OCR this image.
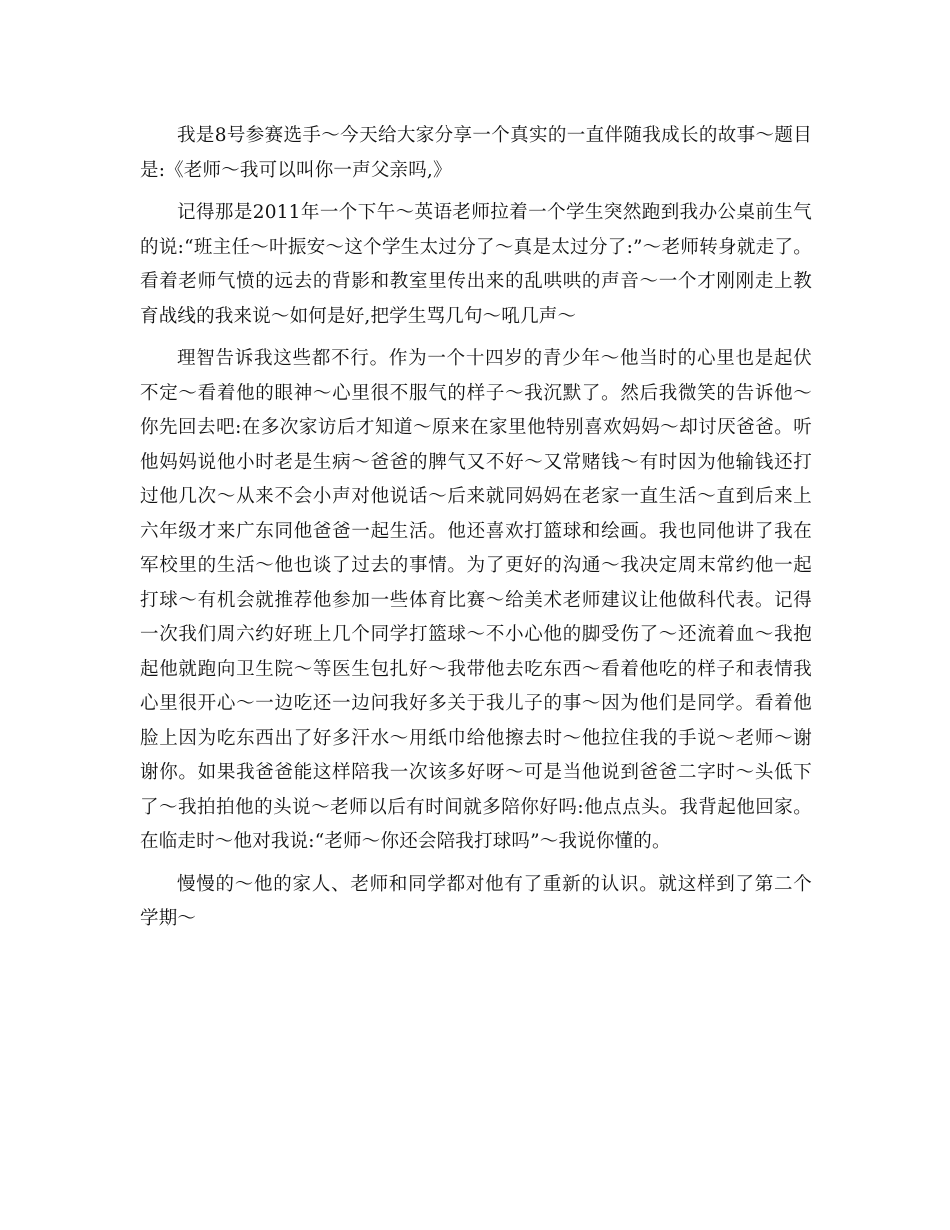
我是8号参赛选手～今天给大家分享一个真实的一直伴随我成长的故事～题目是:《老师～我可以叫你一声父亲吗,》

记得那是2011年一个下午～英语老师拉着一个学生突然跑到我办公桌前生气的说:“班主任～叶振安～这个学生太过分了～真是太过分了:”～老师转身就走了。看着老师气愤的远去的背影和教室里传出来的乱哄哄的声音～一个才刚刚走上教育战线的我来说～如何是好,把学生骂几句～吼几声～

理智告诉我这些都不行。作为一个十四岁的青少年～他当时的心里也是起伏不定～看着他的眼神～心里很不服气的样子～我沉默了。然后我微笑的告诉他～你先回去吧:在多次家访后才知道～原来在家里他特别喜欢妈妈～却讨厌爸爸。听他妈妈说他小时老是生病～爸爸的脾气又不好～又常赌钱～有时因为他输钱还打过他几次～从来不会小声对他说话～后来就同妈妈在老家一直生活～直到后来上六年级才来广东同他爸爸一起生活。他还喜欢打篮球和绘画。我也同他讲了我在军校里的生活～他也谈了过去的事情。为了更好的沟通～我决定周末常约他一起打球～有机会就推荐他参加一些体育比赛～给美术老师建议让他做科代表。记得一次我们周六约好班上几个同学打篮球～不小心他的脚受伤了～还流着血～我抱起他就跑向卫生院～等医生包扎好～我带他去吃东西～看着他吃的样子和表情我心里很开心～一边吃还一边问我好多关于我儿子的事～因为他们是同学。看着他脸上因为吃东西出了好多汗水～用纸巾给他擦去时～他拉住我的手说～老师～谢谢你。如果我爸爸能这样陪我一次该多好呀～可是当他说到爸爸二字时～头低下了～我拍拍他的头说～老师以后有时间就多陪你好吗:他点点头。我背起他回家。在临走时～他对我说:“老师～你还会陪我打球吗”～我说你懂的。

慢慢的～他的家人、老师和同学都对他有了重新的认识。就这样到了第二个学期～
